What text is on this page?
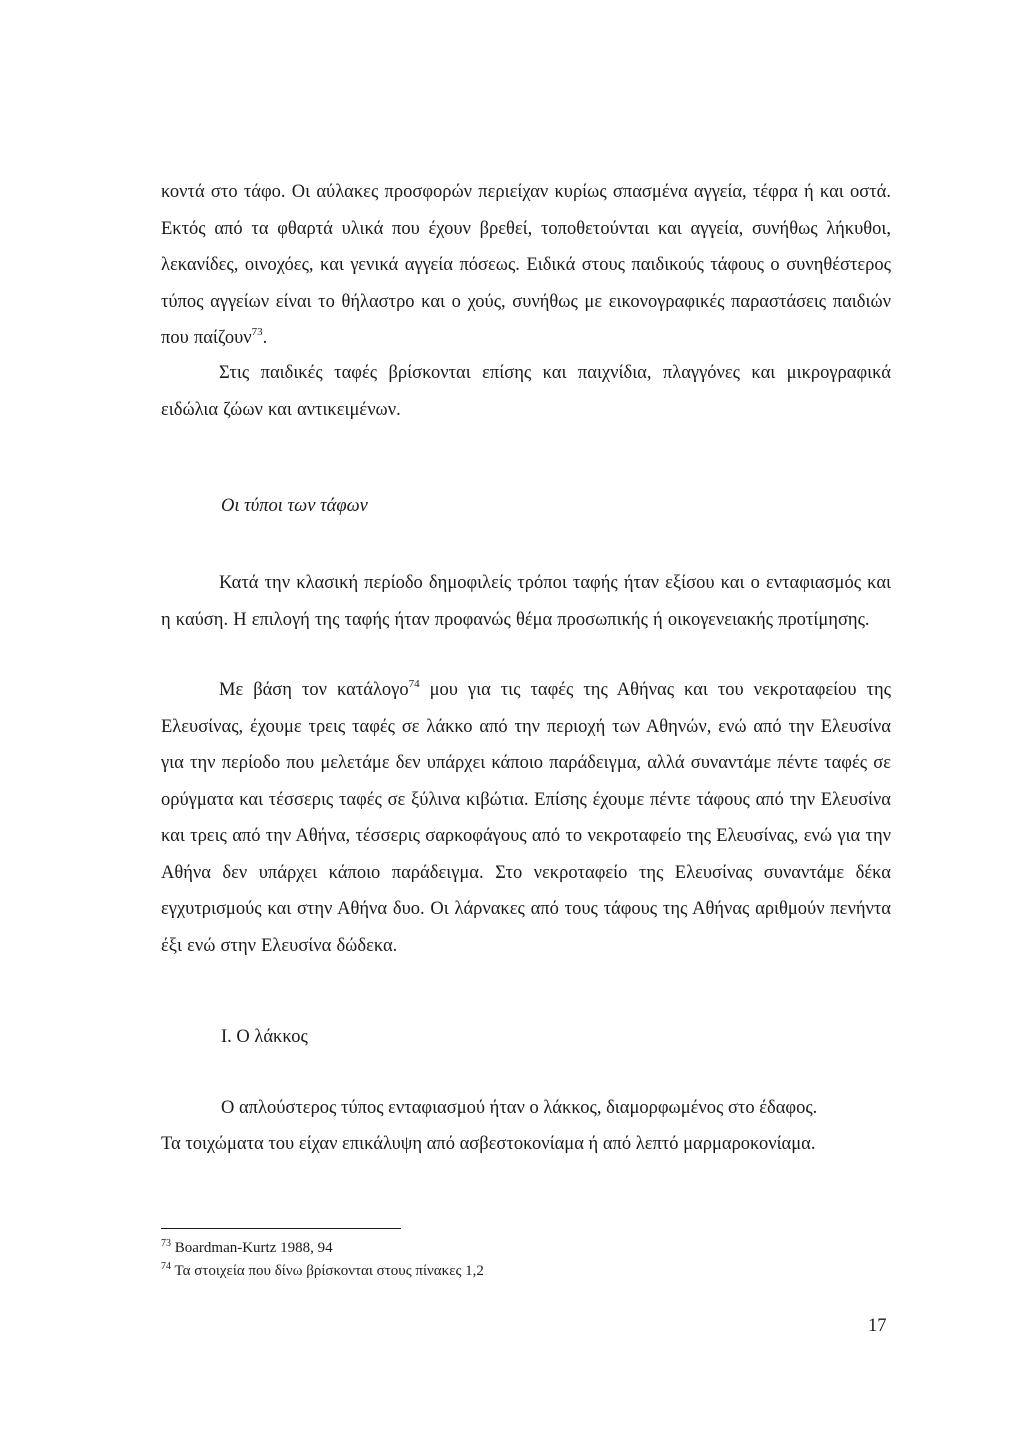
κοντά στο τάφο. Οι αύλακες προσφορών περιείχαν κυρίως σπασμένα αγγεία, τέφρα ή και οστά. Εκτός από τα φθαρτά υλικά που έχουν βρεθεί, τοποθετούνται και αγγεία, συνήθως λήκυθοι, λεκανίδες, οινοχόες, και γενικά αγγεία πόσεως. Ειδικά στους παιδικούς τάφους ο συνηθέστερος τύπος αγγείων είναι το θήλαστρο και ο χούς, συνήθως με εικονογραφικές παραστάσεις παιδιών που παίζουν$^{73}$.

Στις παιδικές ταφές βρίσκονται επίσης και παιχνίδια, πλαγγόνες και μικρογραφικά ειδώλια ζώων και αντικειμένων.

Οι τύποι των τάφων

Κατά την κλασική περίοδο δημοφιλείς τρόποι ταφής ήταν εξίσου και ο ενταφιασμός και η καύση. Η επιλογή της ταφής ήταν προφανώς θέμα προσωπικής ή οικογενειακής προτίμησης.

Με βάση τον κατάλογο$^{74}$ μου για τις ταφές της Αθήνας και του νεκροταφείου της Ελευσίνας, έχουμε τρεις ταφές σε λάκκο από την περιοχή των Αθηνών, ενώ από την Ελευσίνα για την περίοδο που μελετάμε δεν υπάρχει κάποιο παράδειγμα, αλλά συναντάμε πέντε ταφές σε ορύγματα και τέσσερις ταφές σε ξύλινα κιβώτια. Επίσης έχουμε πέντε τάφους από την Ελευσίνα και τρεις από την Αθήνα, τέσσερις σαρκοφάγους από το νεκροταφείο της Ελευσίνας, ενώ για την Αθήνα δεν υπάρχει κάποιο παράδειγμα. Στο νεκροταφείο της Ελευσίνας συναντάμε δέκα εγχυτρισμούς και στην Αθήνα δυο. Οι λάρνακες από τους τάφους της Αθήνας αριθμούν πενήντα έξι ενώ στην Ελευσίνα δώδεκα.

I. Ο λάκκος

Ο απλούστερος τύπος ενταφιασμού ήταν ο λάκκος, διαμορφωμένος στο έδαφος.

Τα τοιχώματα του είχαν επικάλυψη από ασβεστοκονίαμα ή από λεπτό μαρμαροκονίαμα.

$^{73}$ Boardman-Kurtz 1988, 94

$^{74}$ Τα στοιχεία που δίνω βρίσκονται στους πίνακες 1,2

17
